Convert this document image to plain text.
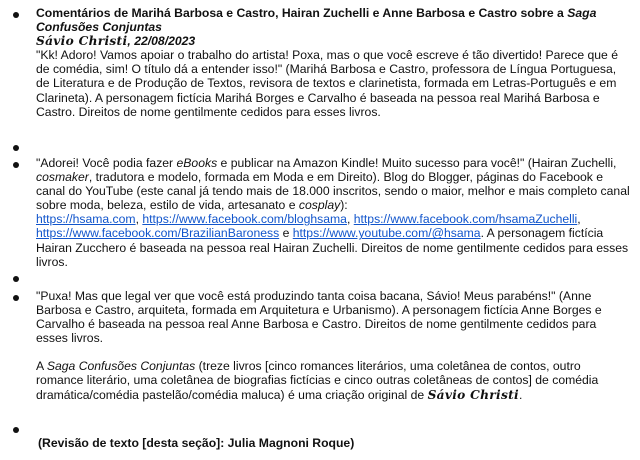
Comentários de Marihá Barbosa e Castro, Hairan Zuchelli e Anne Barbosa e Castro sobre a Saga Confusões Conjuntas
Sávio Christi, 22/08/2023

"Kk! Adoro! Vamos apoiar o trabalho do artista! Poxa, mas o que você escreve é tão divertido! Parece que é de comédia, sim! O título dá a entender isso!" (Marihá Barbosa e Castro, professora de Língua Portuguesa, de Literatura e de Produção de Textos, revisora de textos e clarinetista, formada em Letras-Português e em Clarineta). A personagem fictícia Marihá Borges e Carvalho é baseada na pessoa real Marihá Barbosa e Castro. Direitos de nome gentilmente cedidos para esses livros.

"Adorei! Você podia fazer eBooks e publicar na Amazon Kindle! Muito sucesso para você!" (Hairan Zuchelli, cosmaker, tradutora e modelo, formada em Moda e em Direito). Blog do Blogger, páginas do Facebook e canal do YouTube (este canal já tendo mais de 18.000 inscritos, sendo o maior, melhor e mais completo canal sobre moda, beleza, estilo de vida, artesanato e cosplay):
https://hsama.com, https://www.facebook.com/bloghsama, https://www.facebook.com/hsamaZuchelli, https://www.facebook.com/BrazilianBaroness e https://www.youtube.com/@hsama. A personagem fictícia Hairan Zucchero é baseada na pessoa real Hairan Zuchelli. Direitos de nome gentilmente cedidos para esses livros.

"Puxa! Mas que legal ver que você está produzindo tanta coisa bacana, Sávio! Meus parabéns!" (Anne Barbosa e Castro, arquiteta, formada em Arquitetura e Urbanismo). A personagem fictícia Anne Borges e Carvalho é baseada na pessoa real Anne Barbosa e Castro. Direitos de nome gentilmente cedidos para esses livros.

A Saga Confusões Conjuntas (treze livros [cinco romances literários, uma coletânea de contos, outro romance literário, uma coletânea de biografias fictícias e cinco outras coletâneas de contos] de comédia dramática/comédia pastelão/comédia maluca) é uma criação original de Sávio Christi.

(Revisão de texto [desta seção]: Julia Magnoni Roque)
